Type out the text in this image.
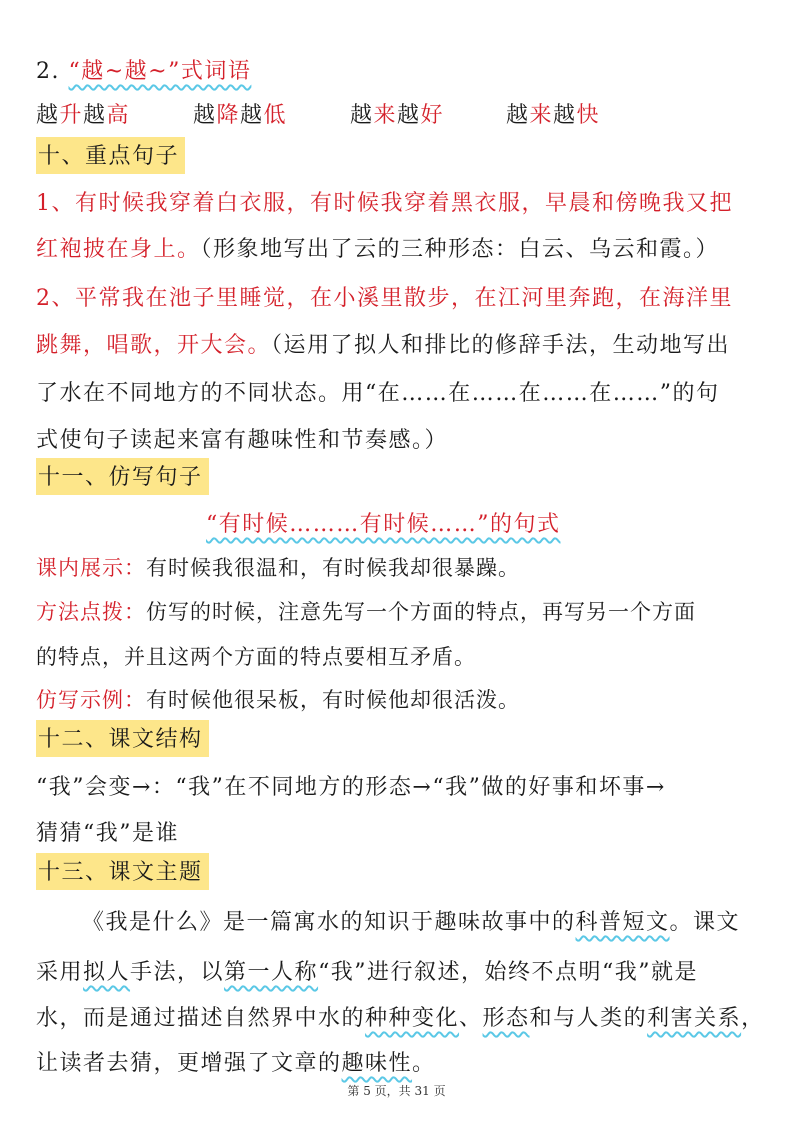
2. “越~越~”式词语
越升越高	越降越低	越来越好	越来越快
十、重点句子
1、有时候我穿着白衣服，有时候我穿着黑衣服，早晨和傍晚我又把
红袍披在身上。（形象地写出了云的三种形态：白云、乌云和霞。）
2、平常我在池子里睡觉，在小溪里散步，在江河里奔跑，在海洋里
跳舞，唱歌，开大会。（运用了拟人和排比的修辞手法，生动地写出
了水在不同地方的不同状态。用“在……在……在……在……”的句
式使句子读起来富有趣味性和节奏感。）
十一、仿写句子
“有时候………有时候……”的句式
课内展示：有时候我很温和，有时候我却很暴躁。
方法点拨：仿写的时候，注意先写一个方面的特点，再写另一个方面
的特点，并且这两个方面的特点要相互矛盾。
仿写示例：有时候他很呆板，有时候他却很活泼。
十二、课文结构
“我”会变→：“我”在不同地方的形态→“我”做的好事和坏事→
猜猜“我”是谁
十三、课文主题
《我是什么》是一篇寓水的知识于趣味故事中的科普短文。课文
采用拟人手法，以第一人称“我”进行叙述，始终不点明“我”就是
水，而是通过描述自然界中水的种种变化、形态和与人类的利害关系，
让读者去猜，更增强了文章的趣味性。
第 5 页，共 31 页
